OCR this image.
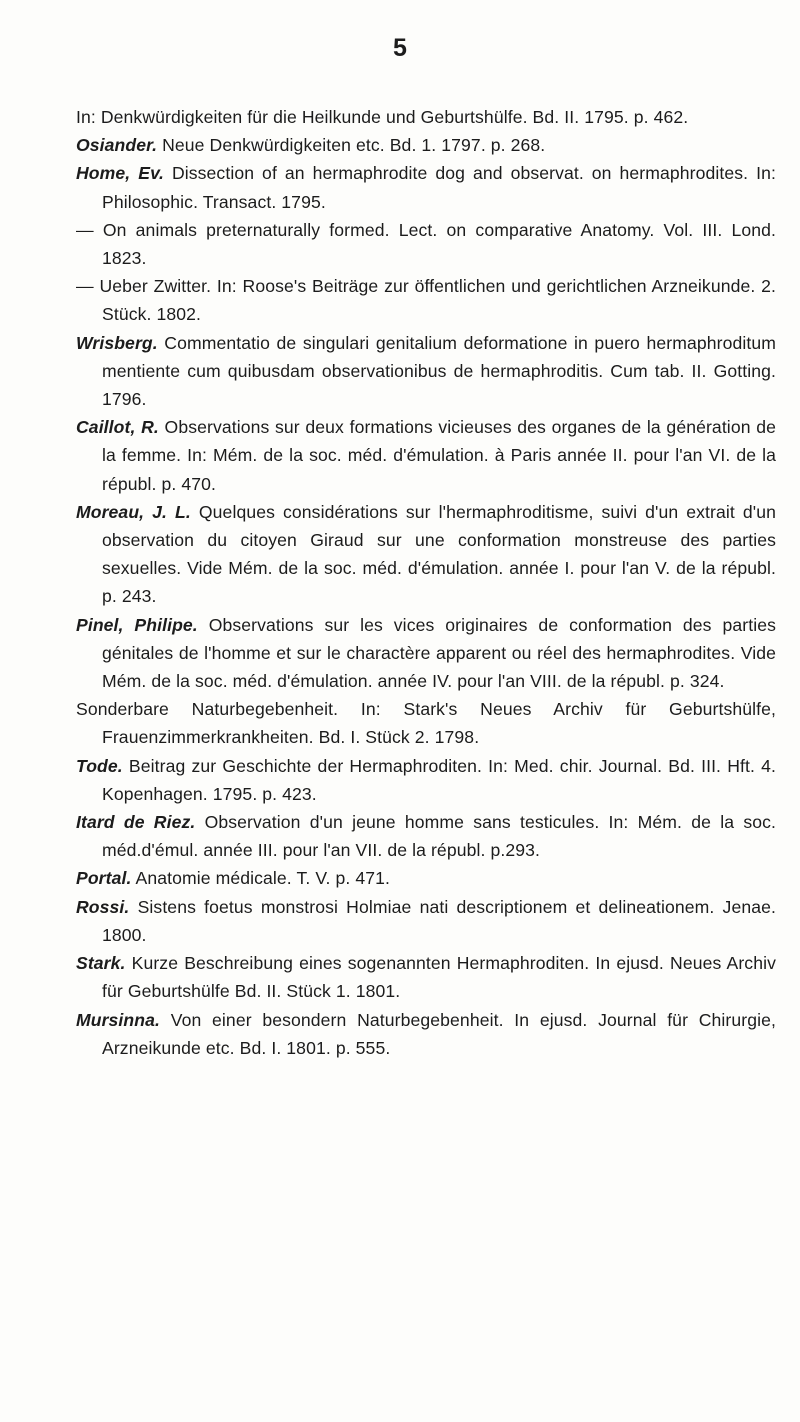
5

In: Denkwürdigkeiten für die Heilkunde und Geburtshülfe. Bd. II. 1795. p. 462.

Osiander. Neue Denkwürdigkeiten etc. Bd. 1. 1797. p. 268.

Home, Ev. Dissection of an hermaphrodite dog and observat. on hermaphrodites. In: Philosophic. Transact. 1795.

— On animals preternaturally formed. Lect. on comparative Anatomy. Vol. III. Lond. 1823.

— Ueber Zwitter. In: Roose's Beiträge zur öffentlichen und gerichtlichen Arzneikunde. 2. Stück. 1802.

Wrisberg. Commentatio de singulari genitalium deformatione in puero hermaphroditum mentiente cum quibusdam observationibus de hermaphroditis. Cum tab. II. Gotting. 1796.

Caillot, R. Observations sur deux formations vicieuses des organes de la génération de la femme. In: Mém. de la soc. méd. d'émulation. à Paris année II. pour l'an VI. de la républ. p. 470.

Moreau, J. L. Quelques considérations sur l'hermaphroditisme, suivi d'un extrait d'un observation du citoyen Giraud sur une conformation monstreuse des parties sexuelles. Vide Mém. de la soc. méd. d'émulation. année I. pour l'an V. de la républ. p. 243.

Pinel, Philipe. Observations sur les vices originaires de conformation des parties génitales de l'homme et sur le charactère apparent ou réel des hermaphrodites. Vide Mém. de la soc. méd. d'émulation. année IV. pour l'an VIII. de la républ. p. 324.

Sonderbare Naturbegebenheit. In: Stark's Neues Archiv für Geburtshülfe, Frauenzimmerkrankheiten. Bd. I. Stück 2. 1798.

Tode. Beitrag zur Geschichte der Hermaphroditen. In: Med. chir. Journal. Bd. III. Hft. 4. Kopenhagen. 1795. p. 423.

Itard de Riez. Observation d'un jeune homme sans testicules. In: Mém. de la soc. méd.d'émul. année III. pour l'an VII. de la républ. p.293.

Portal. Anatomie médicale. T. V. p. 471.

Rossi. Sistens foetus monstrosi Holmiae nati descriptionem et delineationem. Jenae. 1800.

Stark. Kurze Beschreibung eines sogenannten Hermaphroditen. In ejusd. Neues Archiv für Geburtshülfe Bd. II. Stück 1. 1801.

Mursinna. Von einer besondern Naturbegebenheit. In ejusd. Journal für Chirurgie, Arzneikunde etc. Bd. I. 1801. p. 555.
